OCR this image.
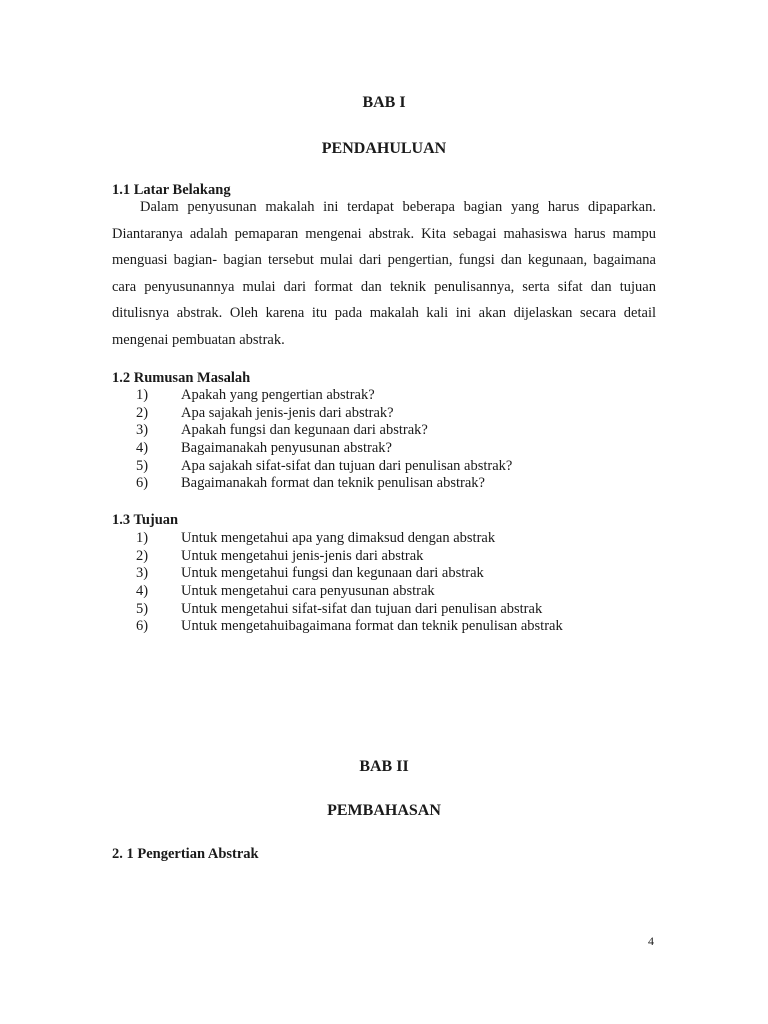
BAB I
PENDAHULUAN
1.1 Latar Belakang

Dalam penyusunan makalah ini terdapat beberapa bagian yang harus dipaparkan. Diantaranya adalah pemaparan mengenai abstrak. Kita sebagai mahasiswa harus mampu menguasi bagian- bagian tersebut mulai dari pengertian, fungsi dan kegunaan, bagaimana cara penyusunannya mulai dari format dan teknik penulisannya, serta sifat dan tujuan ditulisnya abstrak. Oleh karena itu pada makalah kali ini akan dijelaskan secara detail mengenai pembuatan abstrak.

1.2 Rumusan Masalah
1)	Apakah yang pengertian abstrak?
2)	Apa sajakah jenis-jenis dari abstrak?
3)	Apakah fungsi dan kegunaan dari abstrak?
4)	Bagaimanakah penyusunan abstrak?
5)	Apa sajakah sifat-sifat dan tujuan dari penulisan abstrak?
6)	Bagaimanakah format dan teknik penulisan abstrak?
1.3 Tujuan
1)	Untuk mengetahui apa yang dimaksud dengan abstrak
2)	Untuk mengetahui jenis-jenis dari abstrak
3)	Untuk mengetahui fungsi dan kegunaan dari abstrak
4)	Untuk mengetahui cara penyusunan abstrak
5)	Untuk mengetahui sifat-sifat dan tujuan dari penulisan abstrak
6)	Untuk mengetahuibagaimana format dan teknik penulisan abstrak
BAB II
PEMBAHASAN
2. 1 Pengertian Abstrak
4
